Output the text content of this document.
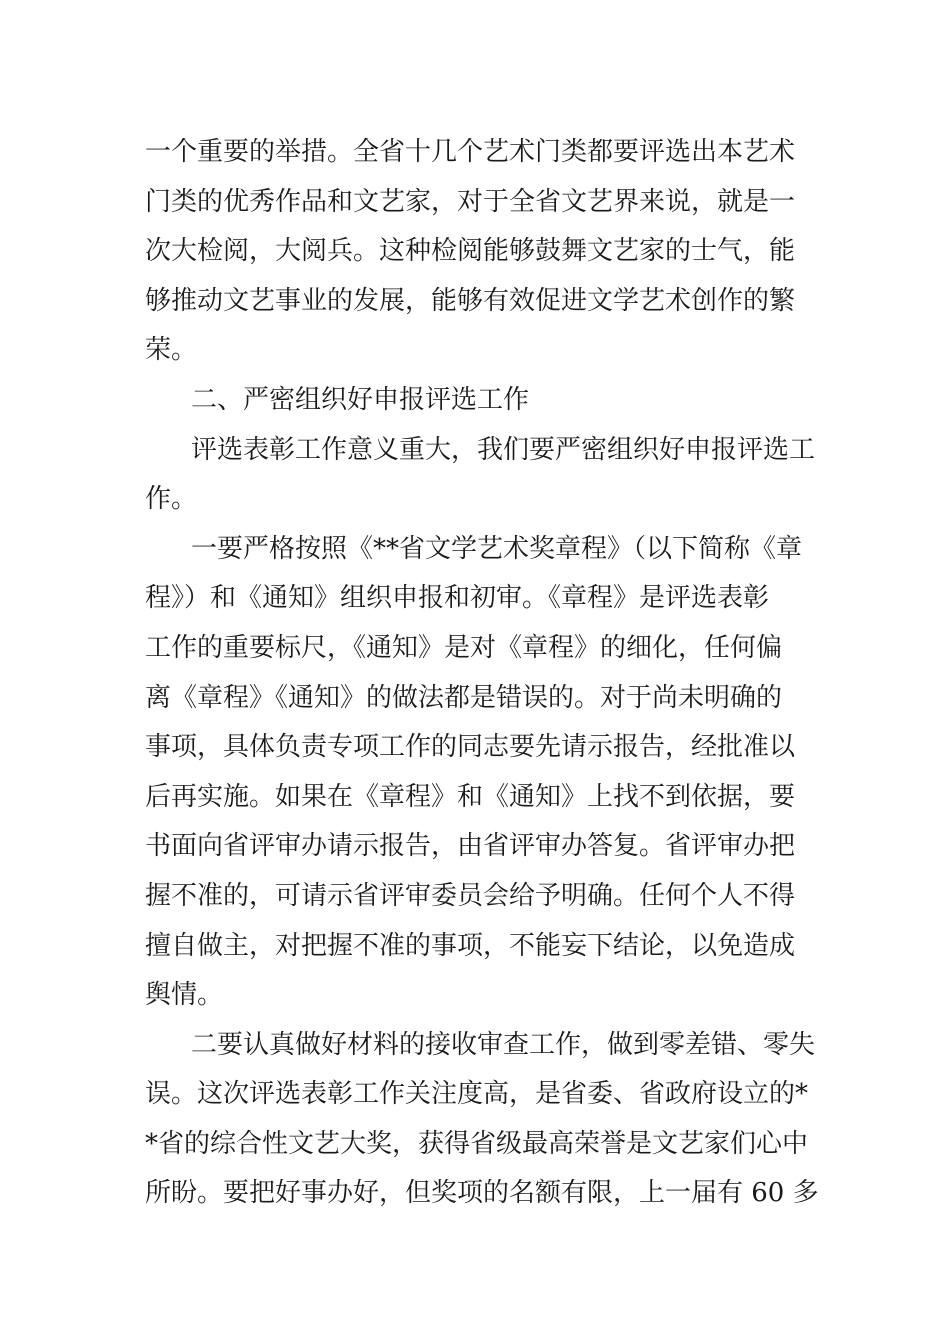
一个重要的举措。全省十几个艺术门类都要评选出本艺术
门类的优秀作品和文艺家，对于全省文艺界来说，就是一
次大检阅，大阅兵。这种检阅能够鼓舞文艺家的士气，能
够推动文艺事业的发展，能够有效促进文学艺术创作的繁
荣。
二、严密组织好申报评选工作
评选表彰工作意义重大，我们要严密组织好申报评选工
作。
一要严格按照《**省文学艺术奖章程》（以下简称《章
程》）和《通知》组织申报和初审。《章程》是评选表彰
工作的重要标尺，《通知》是对《章程》的细化，任何偏
离《章程》《通知》的做法都是错误的。对于尚未明确的
事项，具体负责专项工作的同志要先请示报告，经批准以
后再实施。如果在《章程》和《通知》上找不到依据，要
书面向省评审办请示报告，由省评审办答复。省评审办把
握不准的，可请示省评审委员会给予明确。任何个人不得
擅自做主，对把握不准的事项，不能妄下结论，以免造成
舆情。
二要认真做好材料的接收审查工作，做到零差错、零失
误。这次评选表彰工作关注度高，是省委、省政府设立的*
*省的综合性文艺大奖，获得省级最高荣誉是文艺家们心中
所盼。要把好事办好，但奖项的名额有限，上一届有 60 多
